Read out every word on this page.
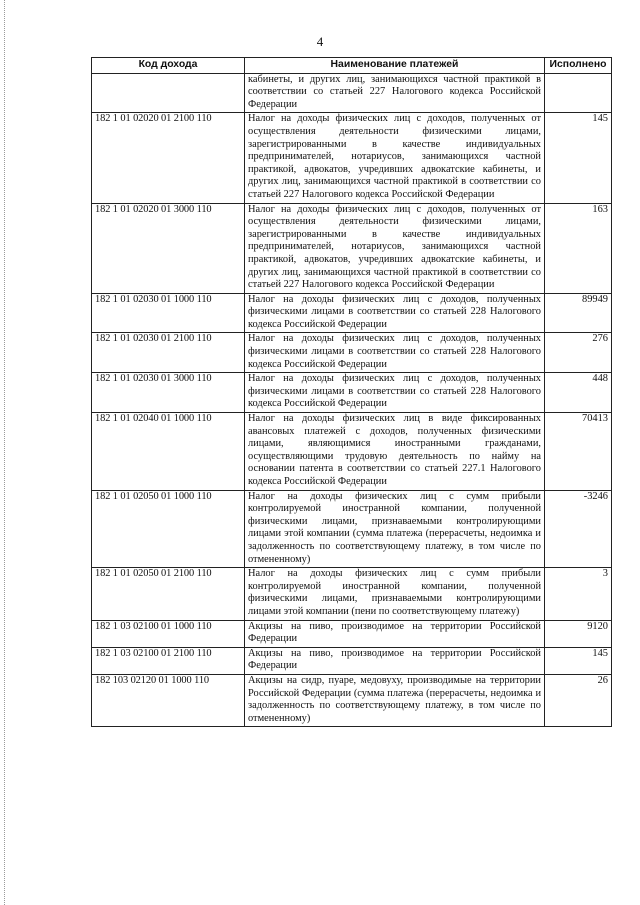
4
Код дохода	Наименование платежей	Исполнено
	кабинеты, и других лиц, занимающихся частной практикой в соответствии со статьей 227 Налогового кодекса Российской Федерации	
182 1 01 02020 01 2100 110	Налог на доходы физических лиц с доходов, полученных от осуществления деятельности физическими лицами, зарегистрированными в качестве индивидуальных предпринимателей, нотариусов, занимающихся частной практикой, адвокатов, учредивших адвокатские кабинеты, и других лиц, занимающихся частной практикой в соответствии со статьей 227 Налогового кодекса Российской Федерации	145
182 1 01 02020 01 3000 110	Налог на доходы физических лиц с доходов, полученных от осуществления деятельности физическими лицами, зарегистрированными в качестве индивидуальных предпринимателей, нотариусов, занимающихся частной практикой, адвокатов, учредивших адвокатские кабинеты, и других лиц, занимающихся частной практикой в соответствии со статьей 227 Налогового кодекса Российской Федерации	163
182 1 01 02030 01 1000 110	Налог на доходы физических лиц с доходов, полученных физическими лицами в соответствии со статьей 228 Налогового кодекса Российской Федерации	89949
182 1 01 02030 01 2100 110	Налог на доходы физических лиц с доходов, полученных физическими лицами в соответствии со статьей 228 Налогового кодекса Российской Федерации	276
182 1 01 02030 01 3000 110	Налог на доходы физических лиц с доходов, полученных физическими лицами в соответствии со статьей 228 Налогового кодекса Российской Федерации	448
182 1 01 02040 01 1000 110	Налог на доходы физических лиц в виде фиксированных авансовых платежей с доходов, полученных физическими лицами, являющимися иностранными гражданами, осуществляющими трудовую деятельность по найму на основании патента в соответствии со статьей 227.1 Налогового кодекса Российской Федерации	70413
182 1 01 02050 01 1000 110	Налог на доходы физических лиц с сумм прибыли контролируемой иностранной компании, полученной физическими лицами, признаваемыми контролирующими лицами этой компании (сумма платежа (перерасчеты, недоимка и задолженность по соответствующему платежу, в том числе по отмененному)	-3246
182 1 01 02050 01 2100 110	Налог на доходы физических лиц с сумм прибыли контролируемой иностранной компании, полученной физическими лицами, признаваемыми контролирующими лицами этой компании (пени по соответствующему платежу)	3
182 1 03 02100 01 1000 110	Акцизы на пиво, производимое на территории Российской Федерации	9120
182 1 03 02100 01 2100 110	Акцизы на пиво, производимое на территории Российской Федерации	145
182 103 02120 01 1000 110	Акцизы на сидр, пуаре, медовуху, производимые на территории Российской Федерации (сумма платежа (перерасчеты, недоимка и задолженность по соответствующему платежу, в том числе по отмененному)	26
